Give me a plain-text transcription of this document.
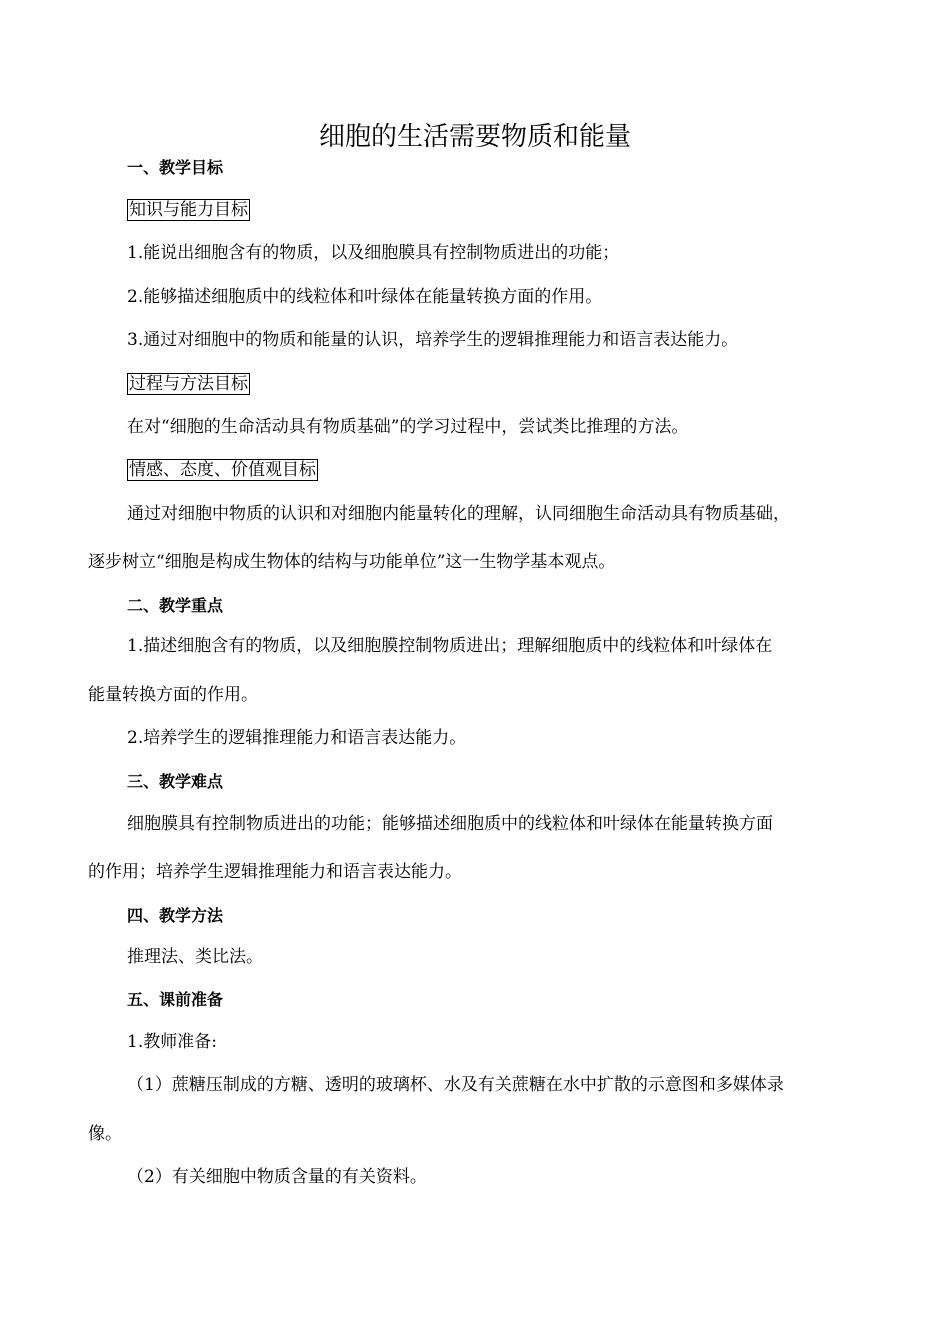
细胞的生活需要物质和能量
一、教学目标
知识与能力目标
1.能说出细胞含有的物质，以及细胞膜具有控制物质进出的功能；
2.能够描述细胞质中的线粒体和叶绿体在能量转换方面的作用。
3.通过对细胞中的物质和能量的认识，培养学生的逻辑推理能力和语言表达能力。
过程与方法目标
在对“细胞的生命活动具有物质基础”的学习过程中，尝试类比推理的方法。
情感、态度、价值观目标
通过对细胞中物质的认识和对细胞内能量转化的理解，认同细胞生命活动具有物质基础，
逐步树立“细胞是构成生物体的结构与功能单位”这一生物学基本观点。
二、教学重点
1.描述细胞含有的物质，以及细胞膜控制物质进出；理解细胞质中的线粒体和叶绿体在
能量转换方面的作用。
2.培养学生的逻辑推理能力和语言表达能力。
三、教学难点
细胞膜具有控制物质进出的功能；能够描述细胞质中的线粒体和叶绿体在能量转换方面
的作用；培养学生逻辑推理能力和语言表达能力。
四、教学方法
推理法、类比法。
五、课前准备
1.教师准备:
（1）蔗糖压制成的方糖、透明的玻璃杯、水及有关蔗糖在水中扩散的示意图和多媒体录
像。
（2）有关细胞中物质含量的有关资料。
